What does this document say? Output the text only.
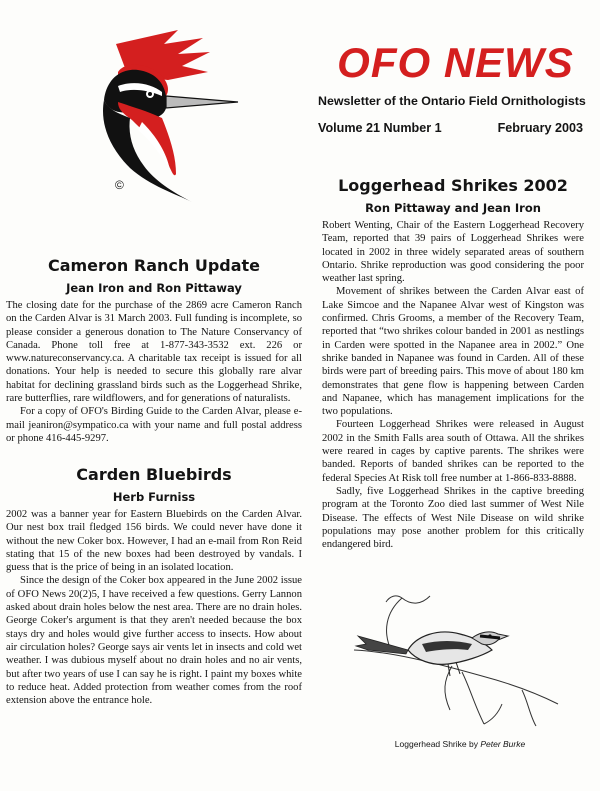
©
OFO NEWS
Newsletter of the Ontario Field Ornithologists
Volume 21 Number 1	February 2003
Cameron Ranch Update
Jean Iron and Ron Pittaway

The closing date for the purchase of the 2869 acre Cameron Ranch on the Carden Alvar is 31 March 2003. Full funding is incomplete, so please consider a generous donation to The Nature Conservancy of Canada. Phone toll free at 1-877-343-3532 ext. 226 or www.natureconservancy.ca. A charitable tax receipt is issued for all donations. Your help is needed to secure this globally rare alvar habitat for declining grassland birds such as the Loggerhead Shrike, rare butterflies, rare wildflowers, and for generations of naturalists.

For a copy of OFO's Birding Guide to the Carden Alvar, please e-mail jeaniron@sympatico.ca with your name and full postal address or phone 416-445-9297.

Carden Bluebirds
Herb Furniss

2002 was a banner year for Eastern Bluebirds on the Carden Alvar. Our nest box trail fledged 156 birds. We could never have done it without the new Coker box. However, I had an e-mail from Ron Reid stating that 15 of the new boxes had been destroyed by vandals. I guess that is the price of being in an isolated location.

Since the design of the Coker box appeared in the June 2002 issue of OFO News 20(2)5, I have received a few questions. Gerry Lannon asked about drain holes below the nest area. There are no drain holes. George Coker's argument is that they aren't needed because the box stays dry and holes would give further access to insects. How about air circulation holes? George says air vents let in insects and cold wet weather. I was dubious myself about no drain holes and no air vents, but after two years of use I can say he is right. I paint my boxes white to reduce heat. Added protection from weather comes from the roof extension above the entrance hole.

Loggerhead Shrikes 2002
Ron Pittaway and Jean Iron

Robert Wenting, Chair of the Eastern Loggerhead Recovery Team, reported that 39 pairs of Loggerhead Shrikes were located in 2002 in three widely separated areas of southern Ontario. Shrike reproduction was good considering the poor weather last spring.

Movement of shrikes between the Carden Alvar east of Lake Simcoe and the Napanee Alvar west of Kingston was confirmed. Chris Grooms, a member of the Recovery Team, reported that “two shrikes colour banded in 2001 as nestlings in Carden were spotted in the Napanee area in 2002.” One shrike banded in Napanee was found in Carden. All of these birds were part of breeding pairs. This move of about 180 km demonstrates that gene flow is happening between Carden and Napanee, which has management implications for the two populations.

Fourteen Loggerhead Shrikes were released in August 2002 in the Smith Falls area south of Ottawa. All the shrikes were reared in cages by captive parents. The shrikes were banded. Reports of banded shrikes can be reported to the federal Species At Risk toll free number at 1-866-833-8888.

Sadly, five Loggerhead Shrikes in the captive breeding program at the Toronto Zoo died last summer of West Nile Disease. The effects of West Nile Disease on wild shrike populations may pose another problem for this critically endangered bird.

Loggerhead Shrike by Peter Burke
